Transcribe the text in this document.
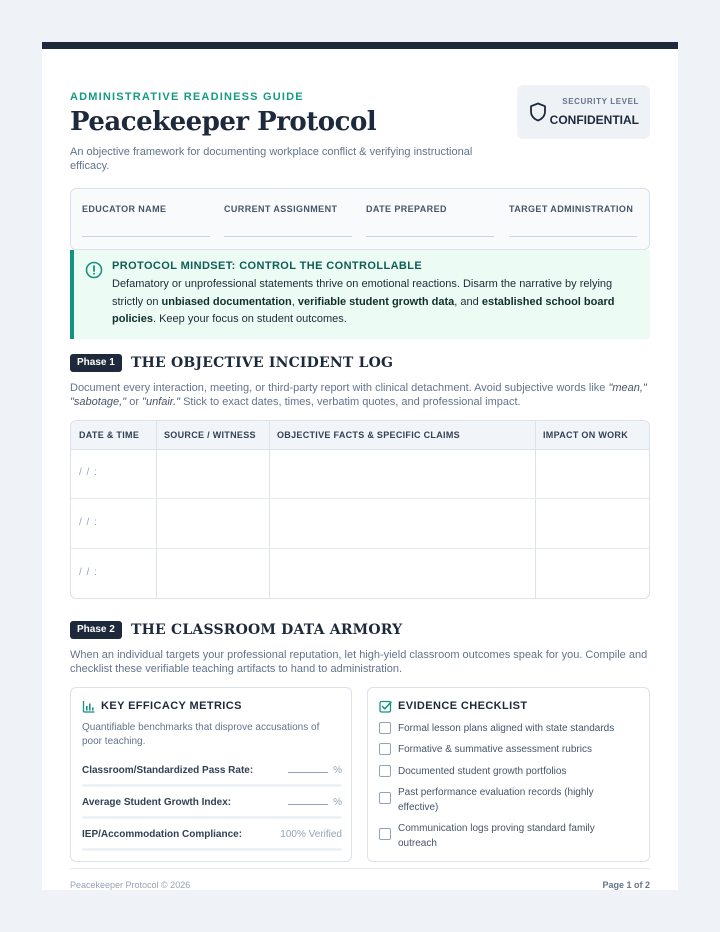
ADMINISTRATIVE READINESS GUIDE
Peacekeeper Protocol
An objective framework for documenting workplace conflict & verifying instructional efficacy.
SECURITY LEVEL
CONFIDENTIAL
EDUCATOR NAME	CURRENT ASSIGNMENT	DATE PREPARED	TARGET ADMINISTRATION
PROTOCOL MINDSET: CONTROL THE CONTROLLABLE
Defamatory or unprofessional statements thrive on emotional reactions. Disarm the narrative by relying strictly on unbiased documentation, verifiable student growth data, and established school board policies. Keep your focus on student outcomes.
Phase 1	THE OBJECTIVE INCIDENT LOG
Document every interaction, meeting, or third-party report with clinical detachment. Avoid subjective words like "mean," "sabotage," or "unfair." Stick to exact dates, times, verbatim quotes, and professional impact.
DATE & TIME	SOURCE / WITNESS	OBJECTIVE FACTS & SPECIFIC CLAIMS	IMPACT ON WORK
/ / :
/ / :
/ / :
Phase 2	THE CLASSROOM DATA ARMORY
When an individual targets your professional reputation, let high-yield classroom outcomes speak for you. Compile and checklist these verifiable teaching artifacts to hand to administration.
KEY EFFICACY METRICS
Quantifiable benchmarks that disprove accusations of poor teaching.
Classroom/Standardized Pass Rate:	%
Average Student Growth Index:	%
IEP/Accommodation Compliance:	100% Verified
EVIDENCE CHECKLIST
Formal lesson plans aligned with state standards
Formative & summative assessment rubrics
Documented student growth portfolios
Past performance evaluation records (highly effective)
Communication logs proving standard family outreach
Peacekeeper Protocol © 2026	Page 1 of 2
